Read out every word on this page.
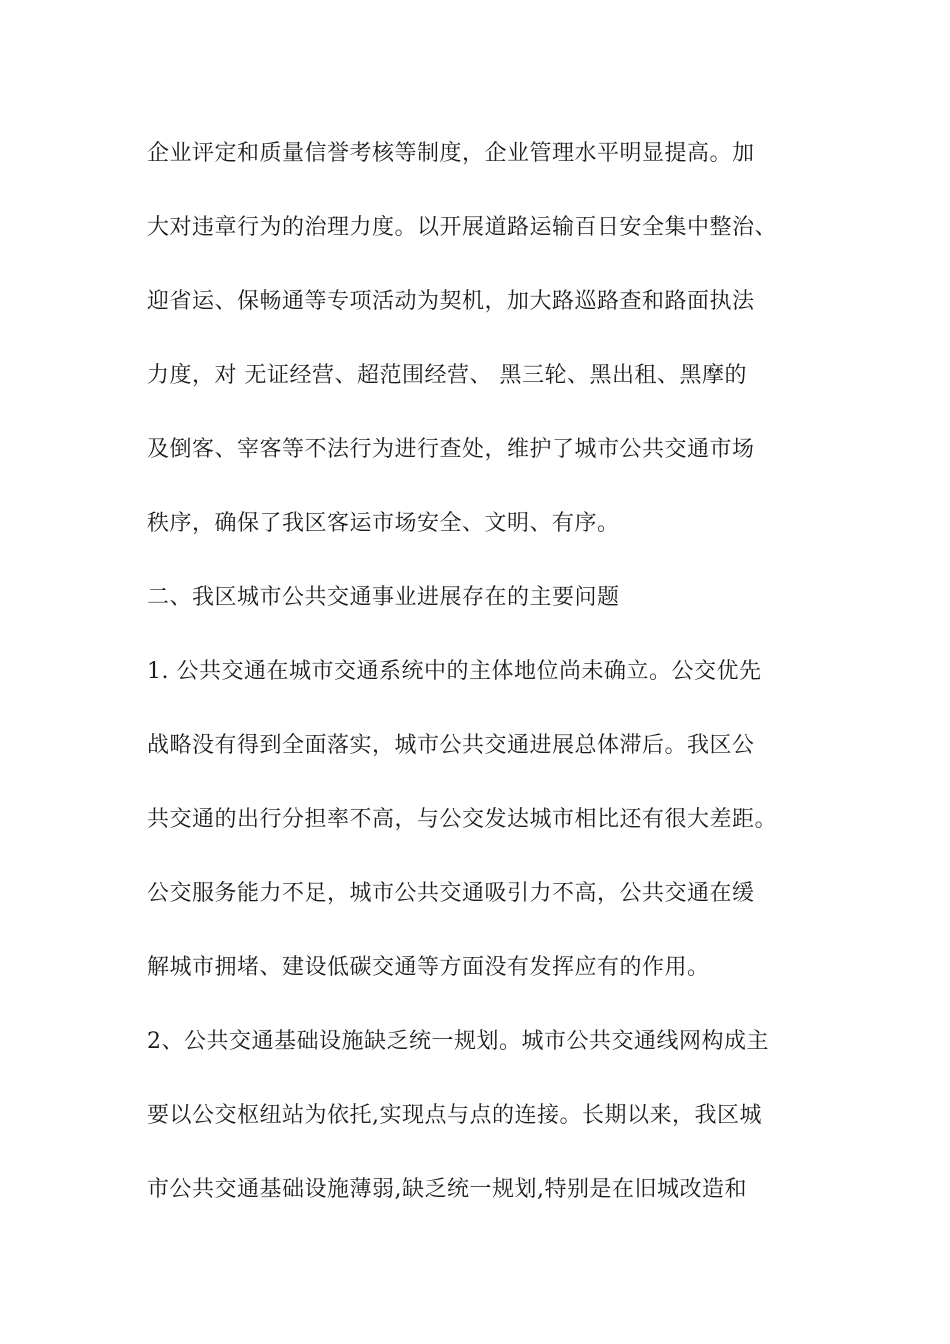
企业评定和质量信誉考核等制度，企业管理水平明显提高。加
大对违章行为的治理力度。以开展道路运输百日安全集中整治、
迎省运、保畅通等专项活动为契机，加大路巡路查和路面执法
力度，对 无证经营、超范围经营、 黑三轮、黑出租、黑摩的
及倒客、宰客等不法行为进行查处，维护了城市公共交通市场
秩序，确保了我区客运市场安全、文明、有序。
二、我区城市公共交通事业进展存在的主要问题
1. 公共交通在城市交通系统中的主体地位尚未确立。公交优先
战略没有得到全面落实，城市公共交通进展总体滞后。我区公
共交通的出行分担率不高，与公交发达城市相比还有很大差距。
公交服务能力不足，城市公共交通吸引力不高，公共交通在缓
解城市拥堵、建设低碳交通等方面没有发挥应有的作用。
2、公共交通基础设施缺乏统一规划。城市公共交通线网构成主
要以公交枢纽站为依托,实现点与点的连接。长期以来，我区城
市公共交通基础设施薄弱,缺乏统一规划,特别是在旧城改造和
